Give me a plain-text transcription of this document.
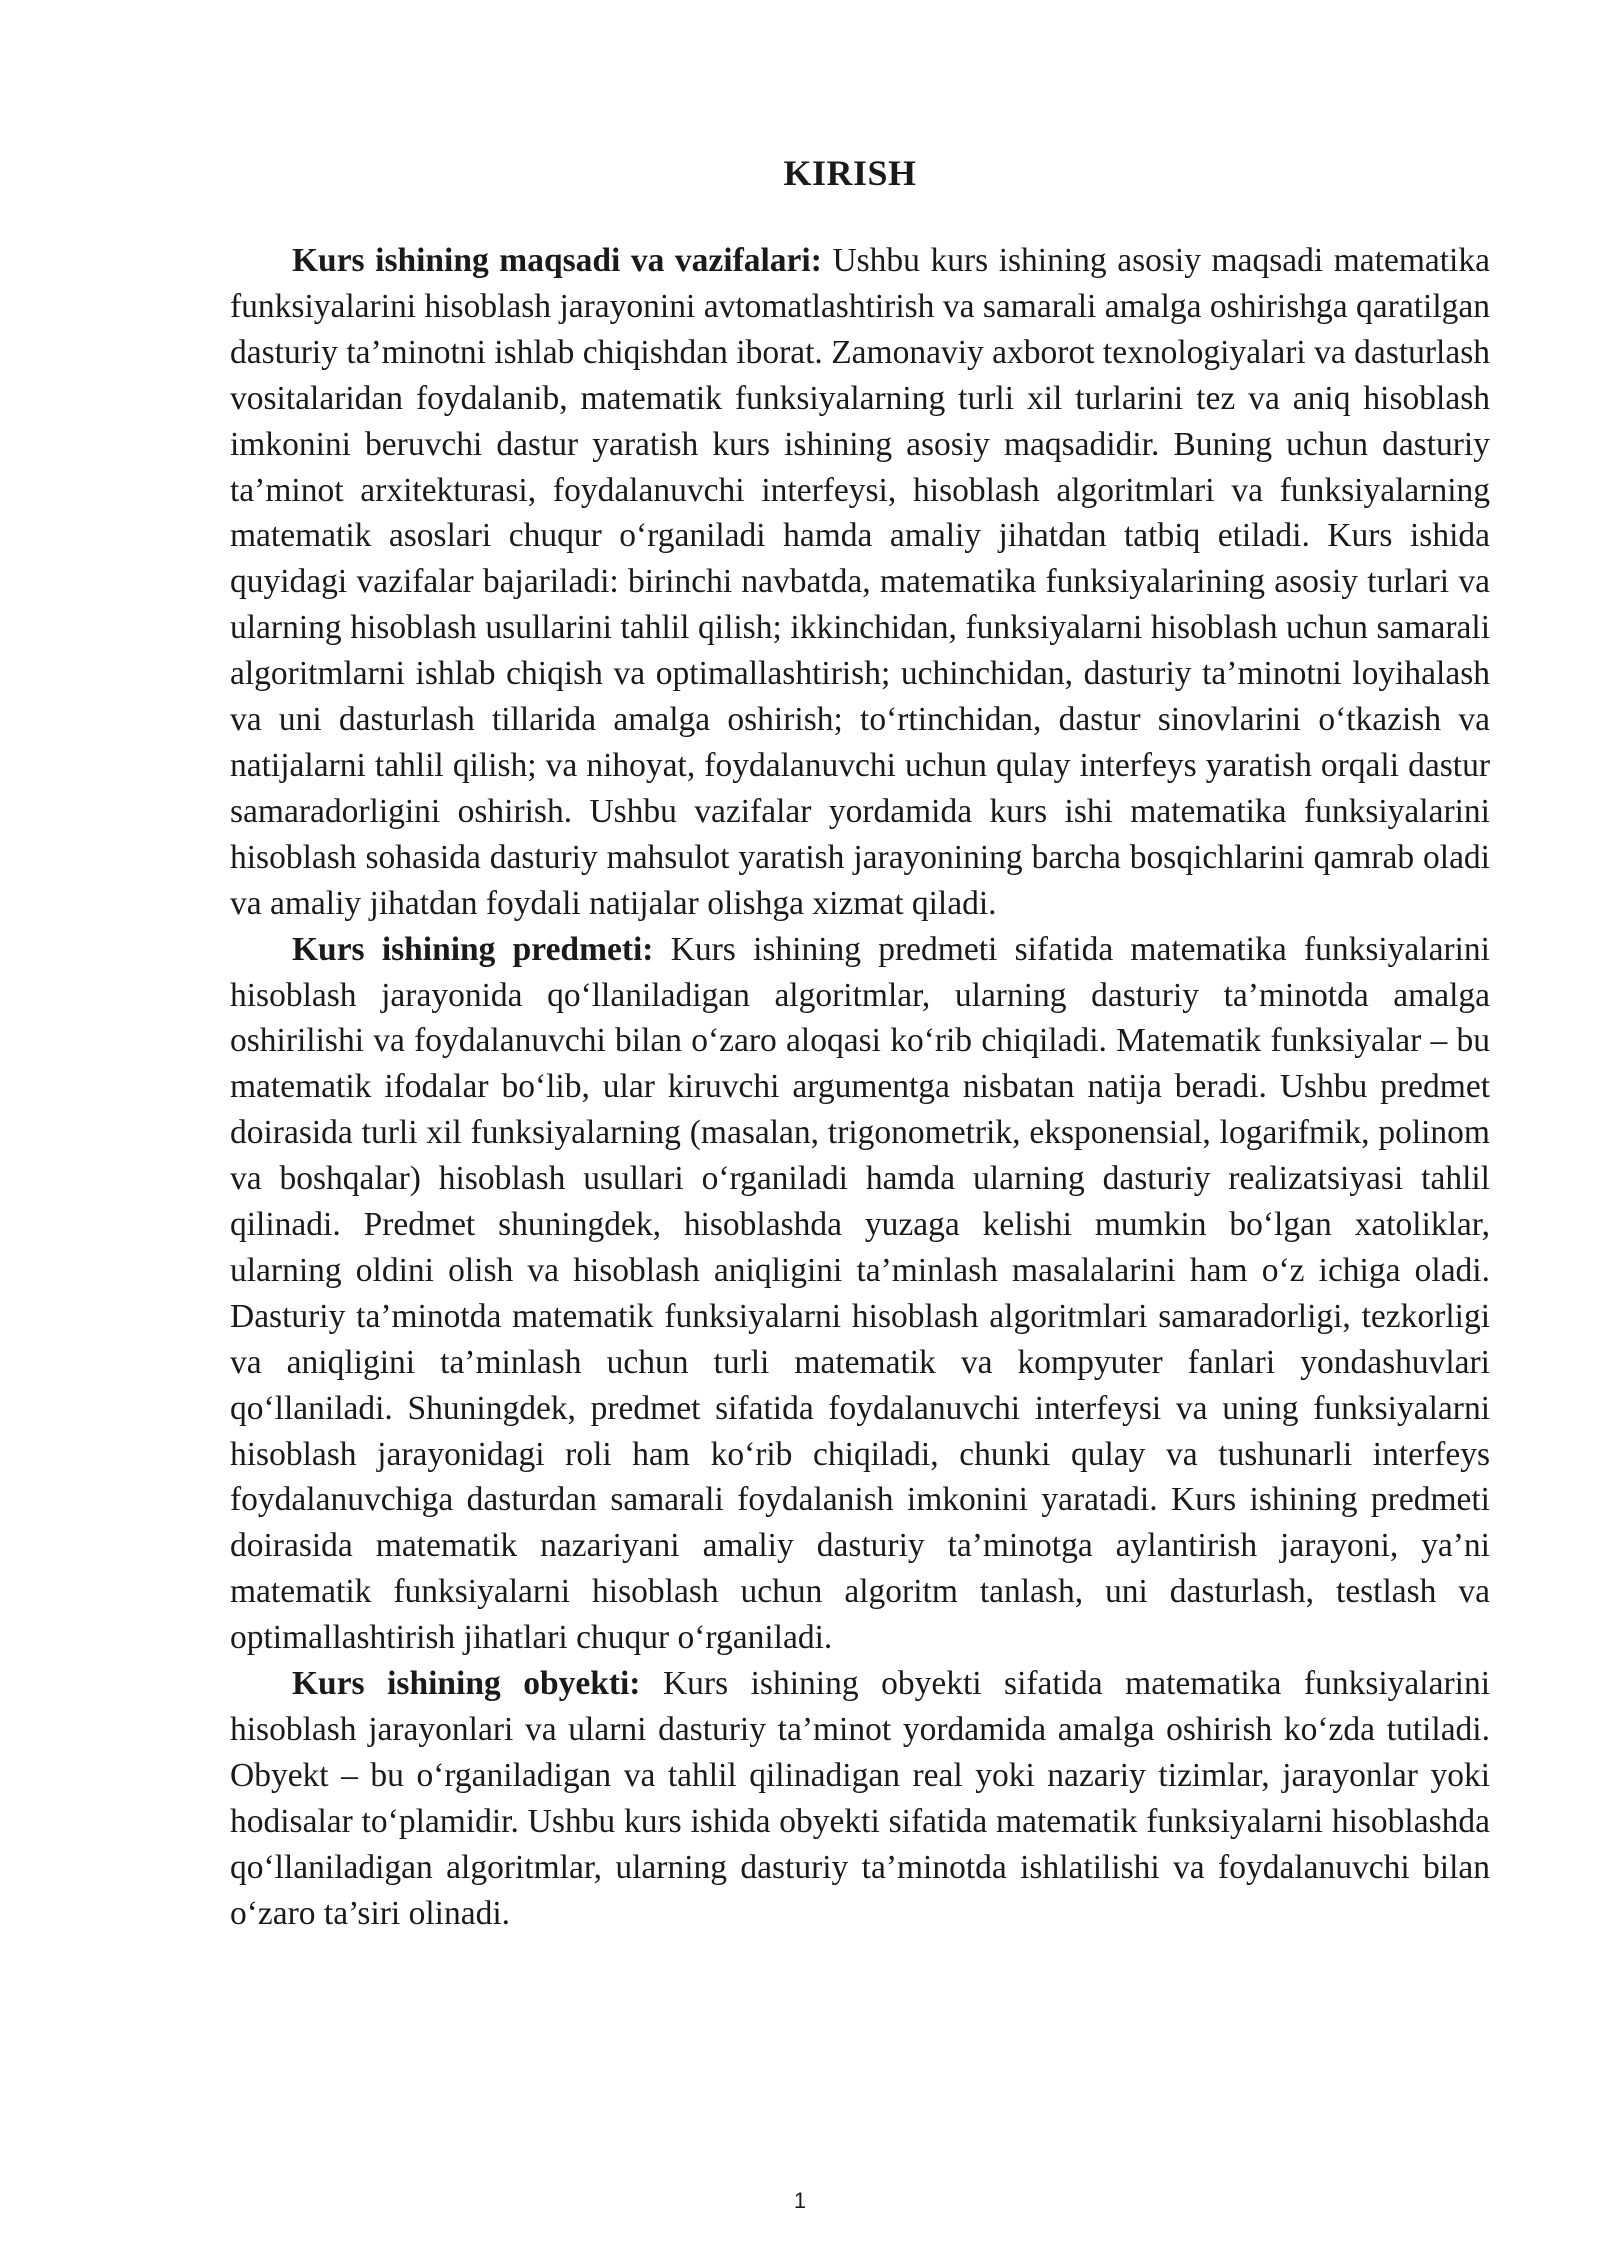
KIRISH

Kurs ishining maqsadi va vazifalari: Ushbu kurs ishining asosiy maqsadi matematika funksiyalarini hisoblash jarayonini avtomatlashtirish va samarali amalga oshirishga qaratilgan dasturiy ta’minotni ishlab chiqishdan iborat. Zamonaviy axborot texnologiyalari va dasturlash vositalaridan foydalanib, matematik funksiyalarning turli xil turlarini tez va aniq hisoblash imkonini beruvchi dastur yaratish kurs ishining asosiy maqsadidir. Buning uchun dasturiy ta’minot arxitekturasi, foydalanuvchi interfeysi, hisoblash algoritmlari va funksiyalarning matematik asoslari chuqur o‘rganiladi hamda amaliy jihatdan tatbiq etiladi. Kurs ishida quyidagi vazifalar bajariladi: birinchi navbatda, matematika funksiyalarining asosiy turlari va ularning hisoblash usullarini tahlil qilish; ikkinchidan, funksiyalarni hisoblash uchun samarali algoritmlarni ishlab chiqish va optimallashtirish; uchinchidan, dasturiy ta’minotni loyihalash va uni dasturlash tillarida amalga oshirish; to‘rtinchidan, dastur sinovlarini o‘tkazish va natijalarni tahlil qilish; va nihoyat, foydalanuvchi uchun qulay interfeys yaratish orqali dastur samaradorligini oshirish. Ushbu vazifalar yordamida kurs ishi matematika funksiyalarini hisoblash sohasida dasturiy mahsulot yaratish jarayonining barcha bosqichlarini qamrab oladi va amaliy jihatdan foydali natijalar olishga xizmat qiladi.

Kurs ishining predmeti: Kurs ishining predmeti sifatida matematika funksiyalarini hisoblash jarayonida qo‘llaniladigan algoritmlar, ularning dasturiy ta’minotda amalga oshirilishi va foydalanuvchi bilan o‘zaro aloqasi ko‘rib chiqiladi. Matematik funksiyalar – bu matematik ifodalar bo‘lib, ular kiruvchi argumentga nisbatan natija beradi. Ushbu predmet doirasida turli xil funksiyalarning (masalan, trigonometrik, eksponensial, logarifmik, polinom va boshqalar) hisoblash usullari o‘rganiladi hamda ularning dasturiy realizatsiyasi tahlil qilinadi. Predmet shuningdek, hisoblashda yuzaga kelishi mumkin bo‘lgan xatoliklar, ularning oldini olish va hisoblash aniqligini ta’minlash masalalarini ham o‘z ichiga oladi. Dasturiy ta’minotda matematik funksiyalarni hisoblash algoritmlari samaradorligi, tezkorligi va aniqligini ta’minlash uchun turli matematik va kompyuter fanlari yondashuvlari qo‘llaniladi. Shuningdek, predmet sifatida foydalanuvchi interfeysi va uning funksiyalarni hisoblash jarayonidagi roli ham ko‘rib chiqiladi, chunki qulay va tushunarli interfeys foydalanuvchiga dasturdan samarali foydalanish imkonini yaratadi. Kurs ishining predmeti doirasida matematik nazariyani amaliy dasturiy ta’minotga aylantirish jarayoni, ya’ni matematik funksiyalarni hisoblash uchun algoritm tanlash, uni dasturlash, testlash va optimallashtirish jihatlari chuqur o‘rganiladi.

Kurs ishining obyekti: Kurs ishining obyekti sifatida matematika funksiyalarini hisoblash jarayonlari va ularni dasturiy ta’minot yordamida amalga oshirish ko‘zda tutiladi. Obyekt – bu o‘rganiladigan va tahlil qilinadigan real yoki nazariy tizimlar, jarayonlar yoki hodisalar to‘plamidir. Ushbu kurs ishida obyekti sifatida matematik funksiyalarni hisoblashda qo‘llaniladigan algoritmlar, ularning dasturiy ta’minotda ishlatilishi va foydalanuvchi bilan o‘zaro ta’siri olinadi.

1
